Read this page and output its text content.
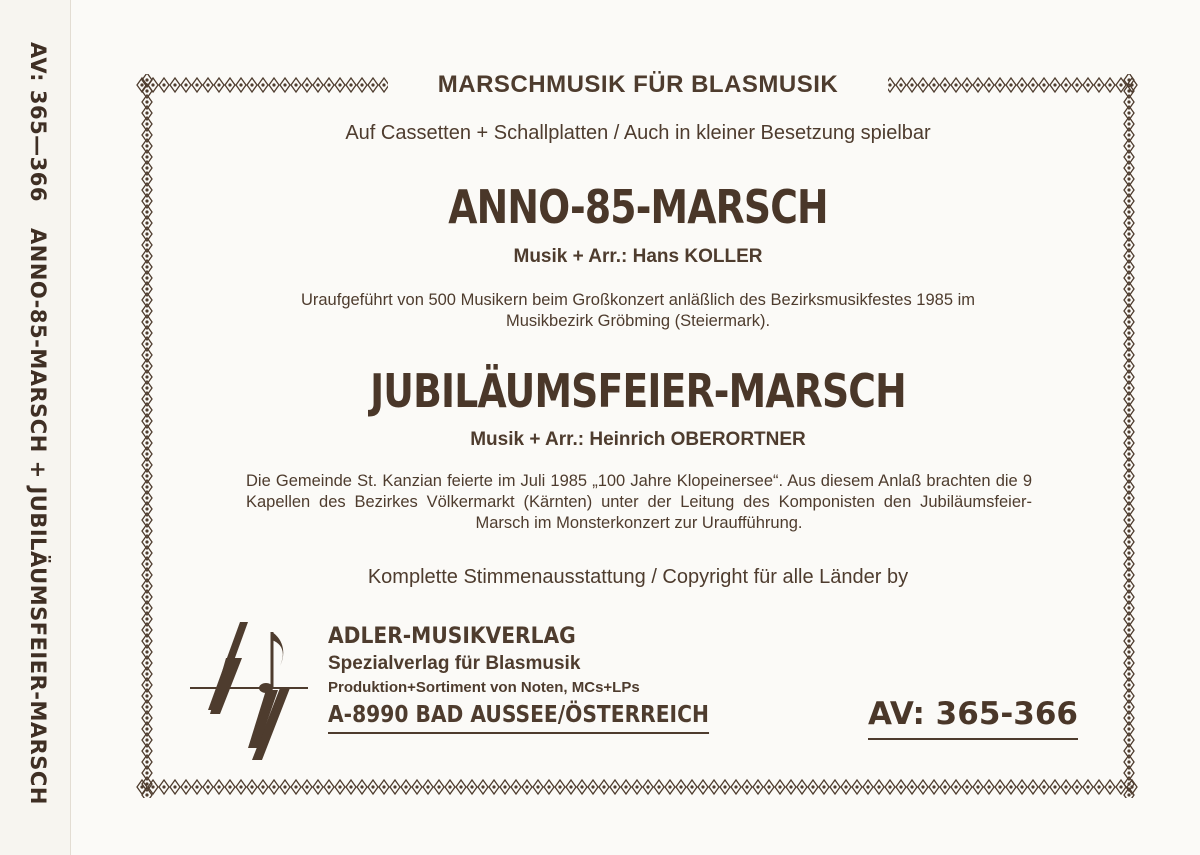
AV: 365—366ANNO-85-MARSCH + JUBILÄUMSFEIER-MARSCH
MARSCHMUSIK FÜR BLASMUSIK
Auf Cassetten + Schallplatten / Auch in kleiner Besetzung spielbar
ANNO-85-MARSCH
Musik + Arr.: Hans KOLLER
Uraufgeführt von 500 Musikern beim Großkonzert anläßlich des Bezirksmusikfestes 1985 im Musikbezirk Gröbming (Steiermark).
JUBILÄUMSFEIER-MARSCH
Musik + Arr.: Heinrich OBERORTNER
Die Gemeinde St. Kanzian feierte im Juli 1985 „100 Jahre Klopeinersee“. Aus diesem Anlaß brachten die 9 Kapellen des Bezirkes Völkermarkt (Kärnten) unter der Leitung des Komponisten den Jubiläumsfeier-Marsch im Monsterkonzert zur Uraufführung.
Komplette Stimmenausstattung / Copyright für alle Länder by
ADLER-MUSIKVERLAG
Spezialverlag für Blasmusik
Produktion+Sortiment von Noten, MCs+LPs
A-8990 BAD AUSSEE/ÖSTERREICH	AV: 365-366
